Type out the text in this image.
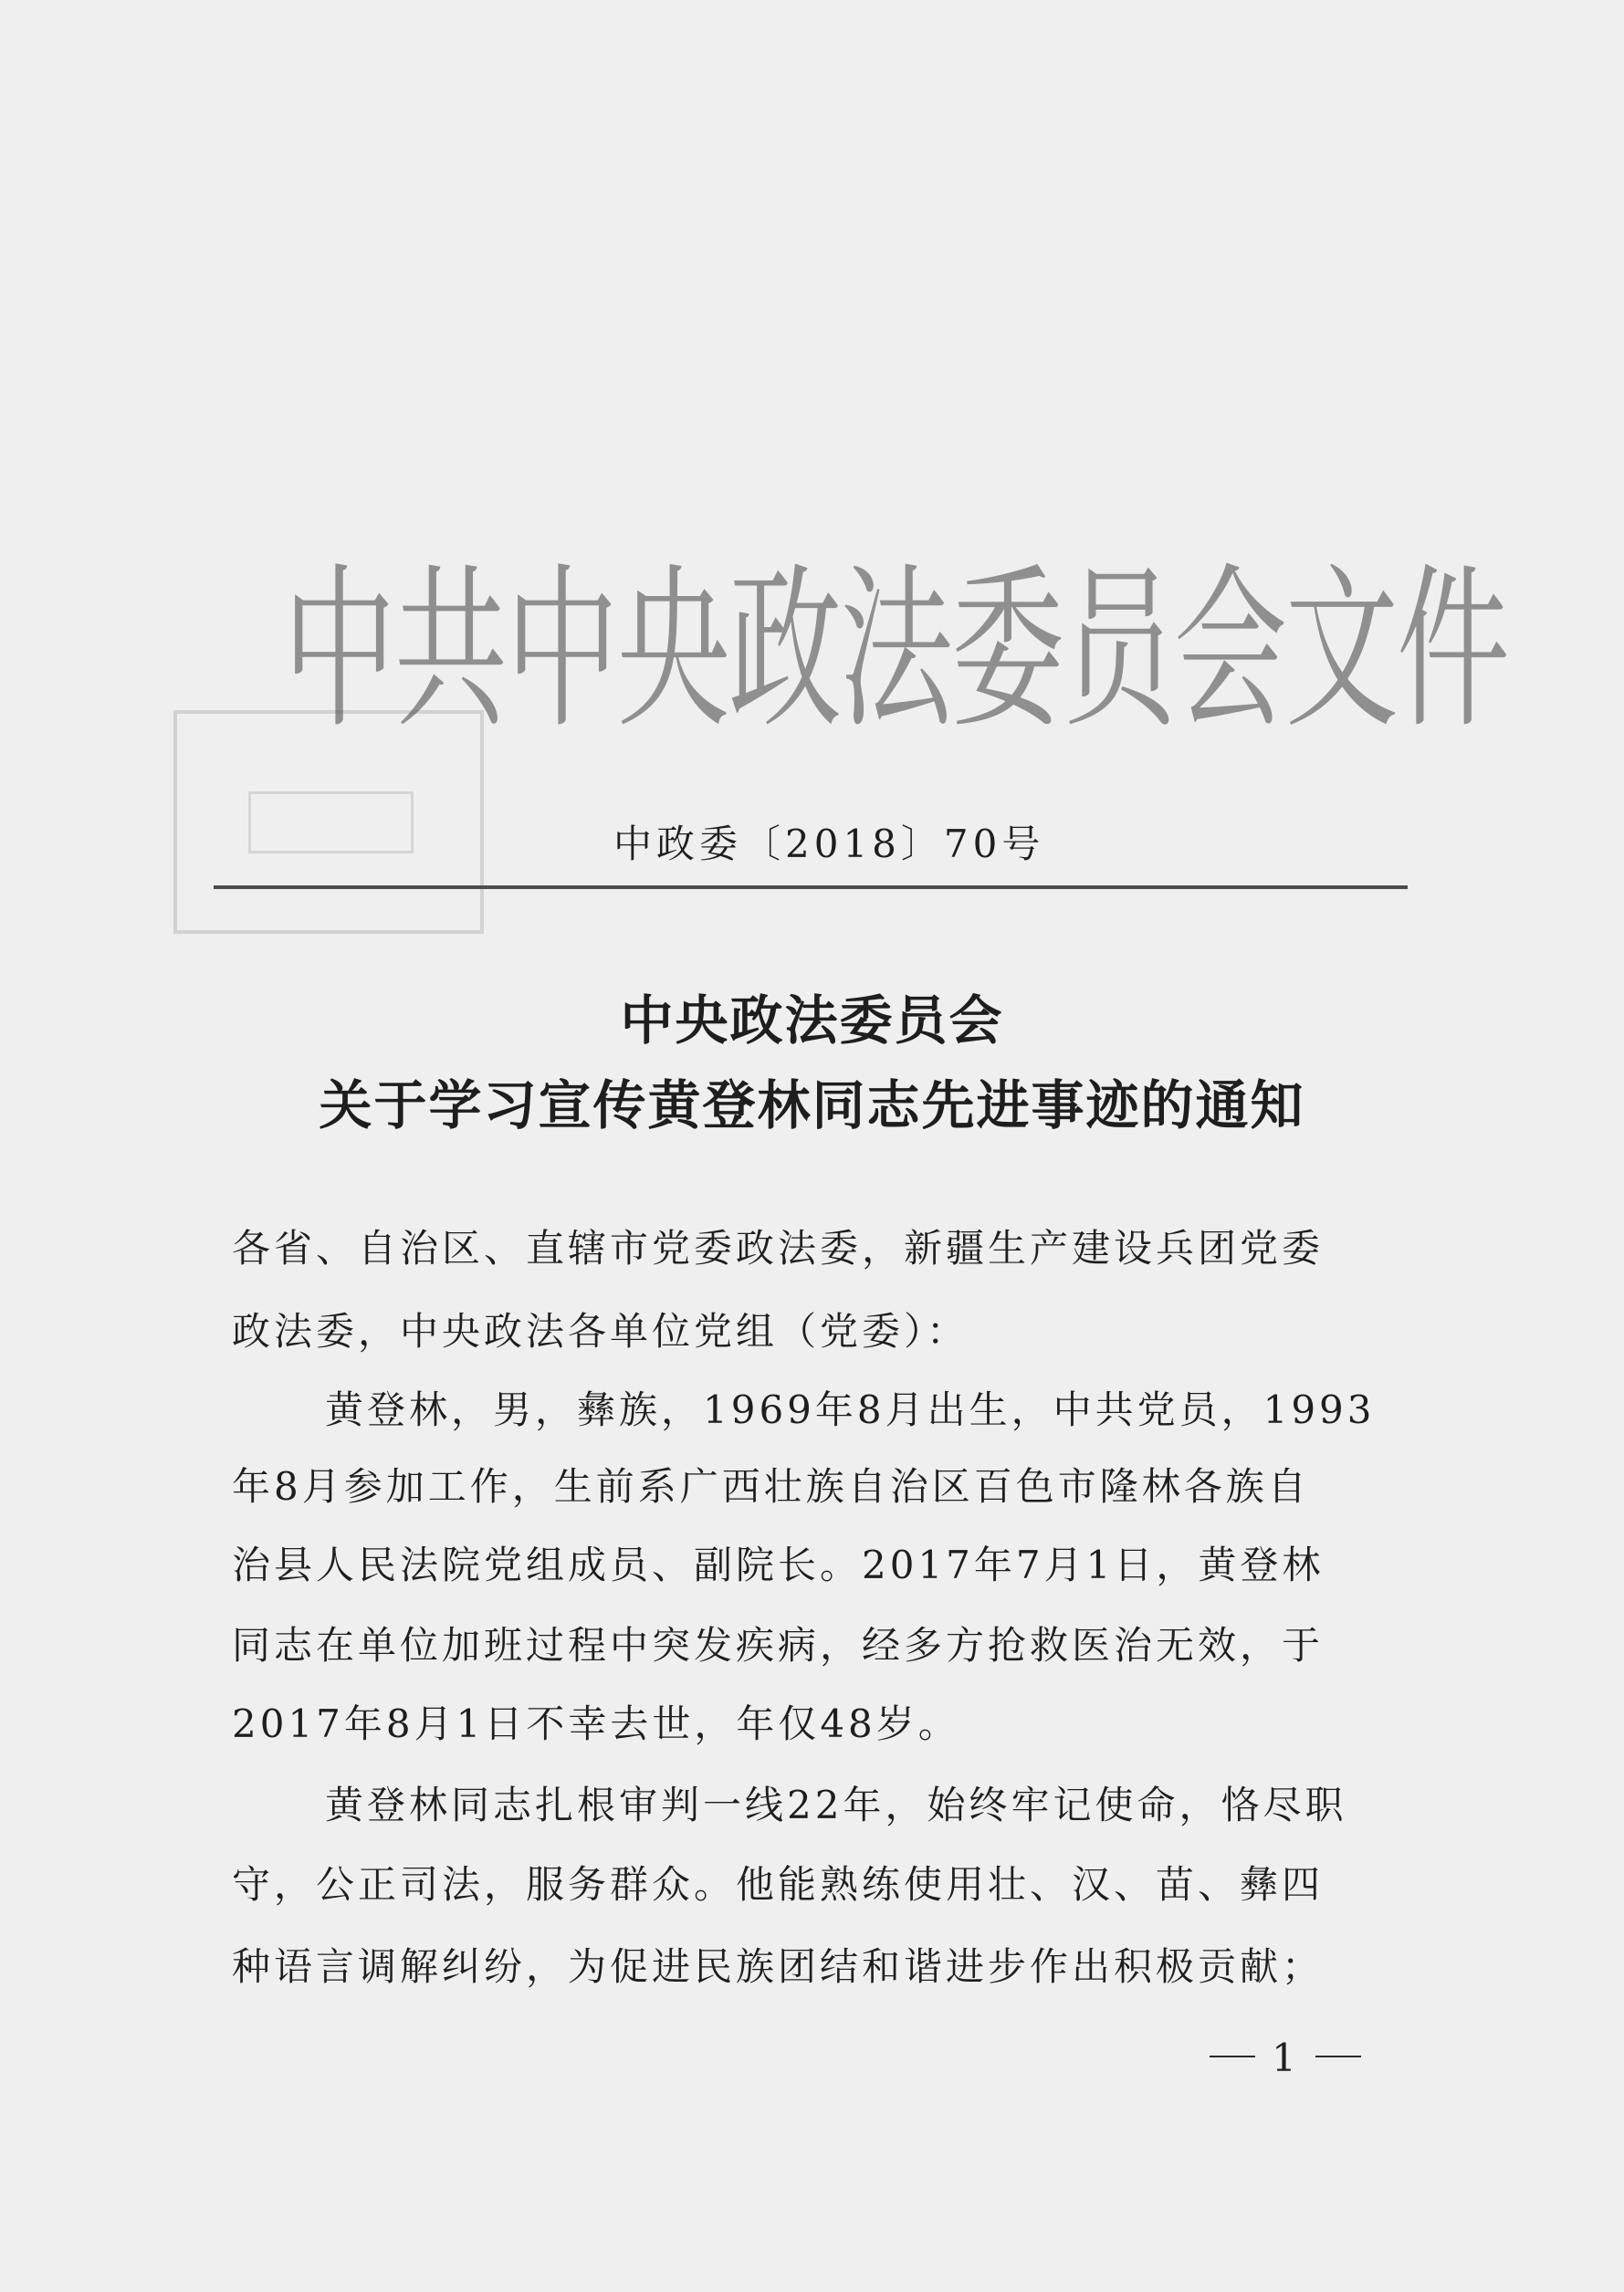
中共中央政法委员会文件
中政委〔2018〕70号
中央政法委员会
关于学习宣传黄登林同志先进事迹的通知
各省、自治区、直辖市党委政法委，新疆生产建设兵团党委
政法委，中央政法各单位党组（党委）：
黄登林，男，彝族，1969年8月出生，中共党员，1993
年8月参加工作，生前系广西壮族自治区百色市隆林各族自
治县人民法院党组成员、副院长。2017年7月1日，黄登林
同志在单位加班过程中突发疾病，经多方抢救医治无效，于
2017年8月1日不幸去世，年仅48岁。
黄登林同志扎根审判一线22年，始终牢记使命，恪尽职
守，公正司法，服务群众。他能熟练使用壮、汉、苗、彝四
种语言调解纠纷，为促进民族团结和谐进步作出积极贡献；
1
